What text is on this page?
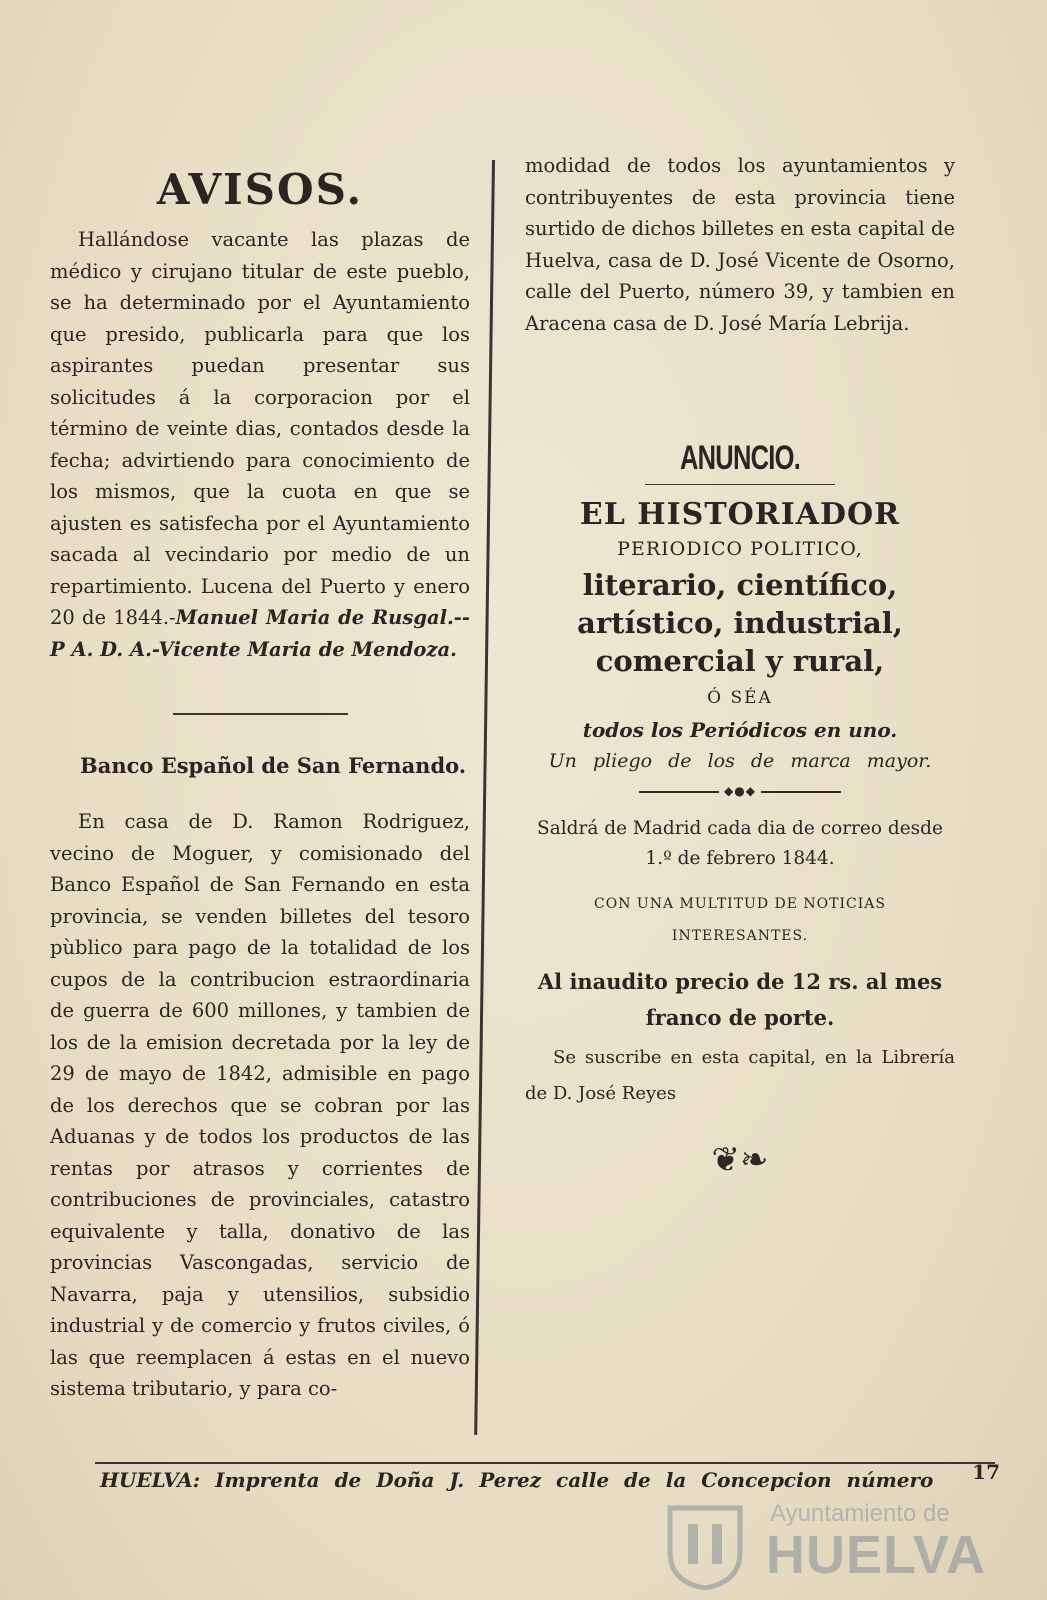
AVISOS.

Hallándose vacante las plazas de médico y cirujano titular de este pueblo, se ha determinado por el Ayuntamiento que presido, publicarla para que los aspirantes puedan presentar sus solicitudes á la corporacion por el término de veinte dias, contados desde la fecha; advirtiendo para conocimiento de los mismos, que la cuota en que se ajusten es satisfecha por el Ayuntamiento sacada al vecindario por medio de un repartimiento. Lucena del Puerto y enero 20 de 1844.-Manuel Maria de Rusgal.--P A. D. A.-Vicente Maria de Mendoza.

Banco Español de San Fernando.

En casa de D. Ramon Rodriguez, vecino de Moguer, y comisionado del Banco Español de San Fernando en esta provincia, se venden billetes del tesoro pùblico para pago de la totalidad de los cupos de la contribucion estraordinaria de guerra de 600 millones, y tambien de los de la emision decretada por la ley de 29 de mayo de 1842, admisible en pago de los derechos que se cobran por las Aduanas y de todos los productos de las rentas por atrasos y corrientes de contribuciones de provinciales, catastro equivalente y talla, donativo de las provincias Vascongadas, servicio de Navarra, paja y utensilios, subsidio industrial y de comercio y frutos civiles, ó las que reemplacen á estas en el nuevo sistema tributario, y para co-

modidad de todos los ayuntamientos y contribuyentes de esta provincia tiene surtido de dichos billetes en esta capital de Huelva, casa de D. José Vicente de Osorno, calle del Puerto, número 39, y tambien en Aracena casa de D. José María Lebrija.

ANUNCIO.
EL HISTORIADOR
PERIODICO POLITICO,
literario, científico, artístico, industrial, comercial y rural,
Ó SÉA
todos los Periódicos en uno.
Un pliego de los de marca mayor.
◆●◆
Saldrá de Madrid cada dia de correo desde 1.º de febrero 1844.
CON UNA MULTITUD DE NOTICIAS INTERESANTES.
Al inaudito precio de 12 rs. al mes franco de porte.

Se suscribe en esta capital, en la Librería de D. José Reyes

❦❧
HUELVA: Imprenta de Doña J. Perez calle de la Concepcion número 17
Ayuntamiento de
HUELVA
